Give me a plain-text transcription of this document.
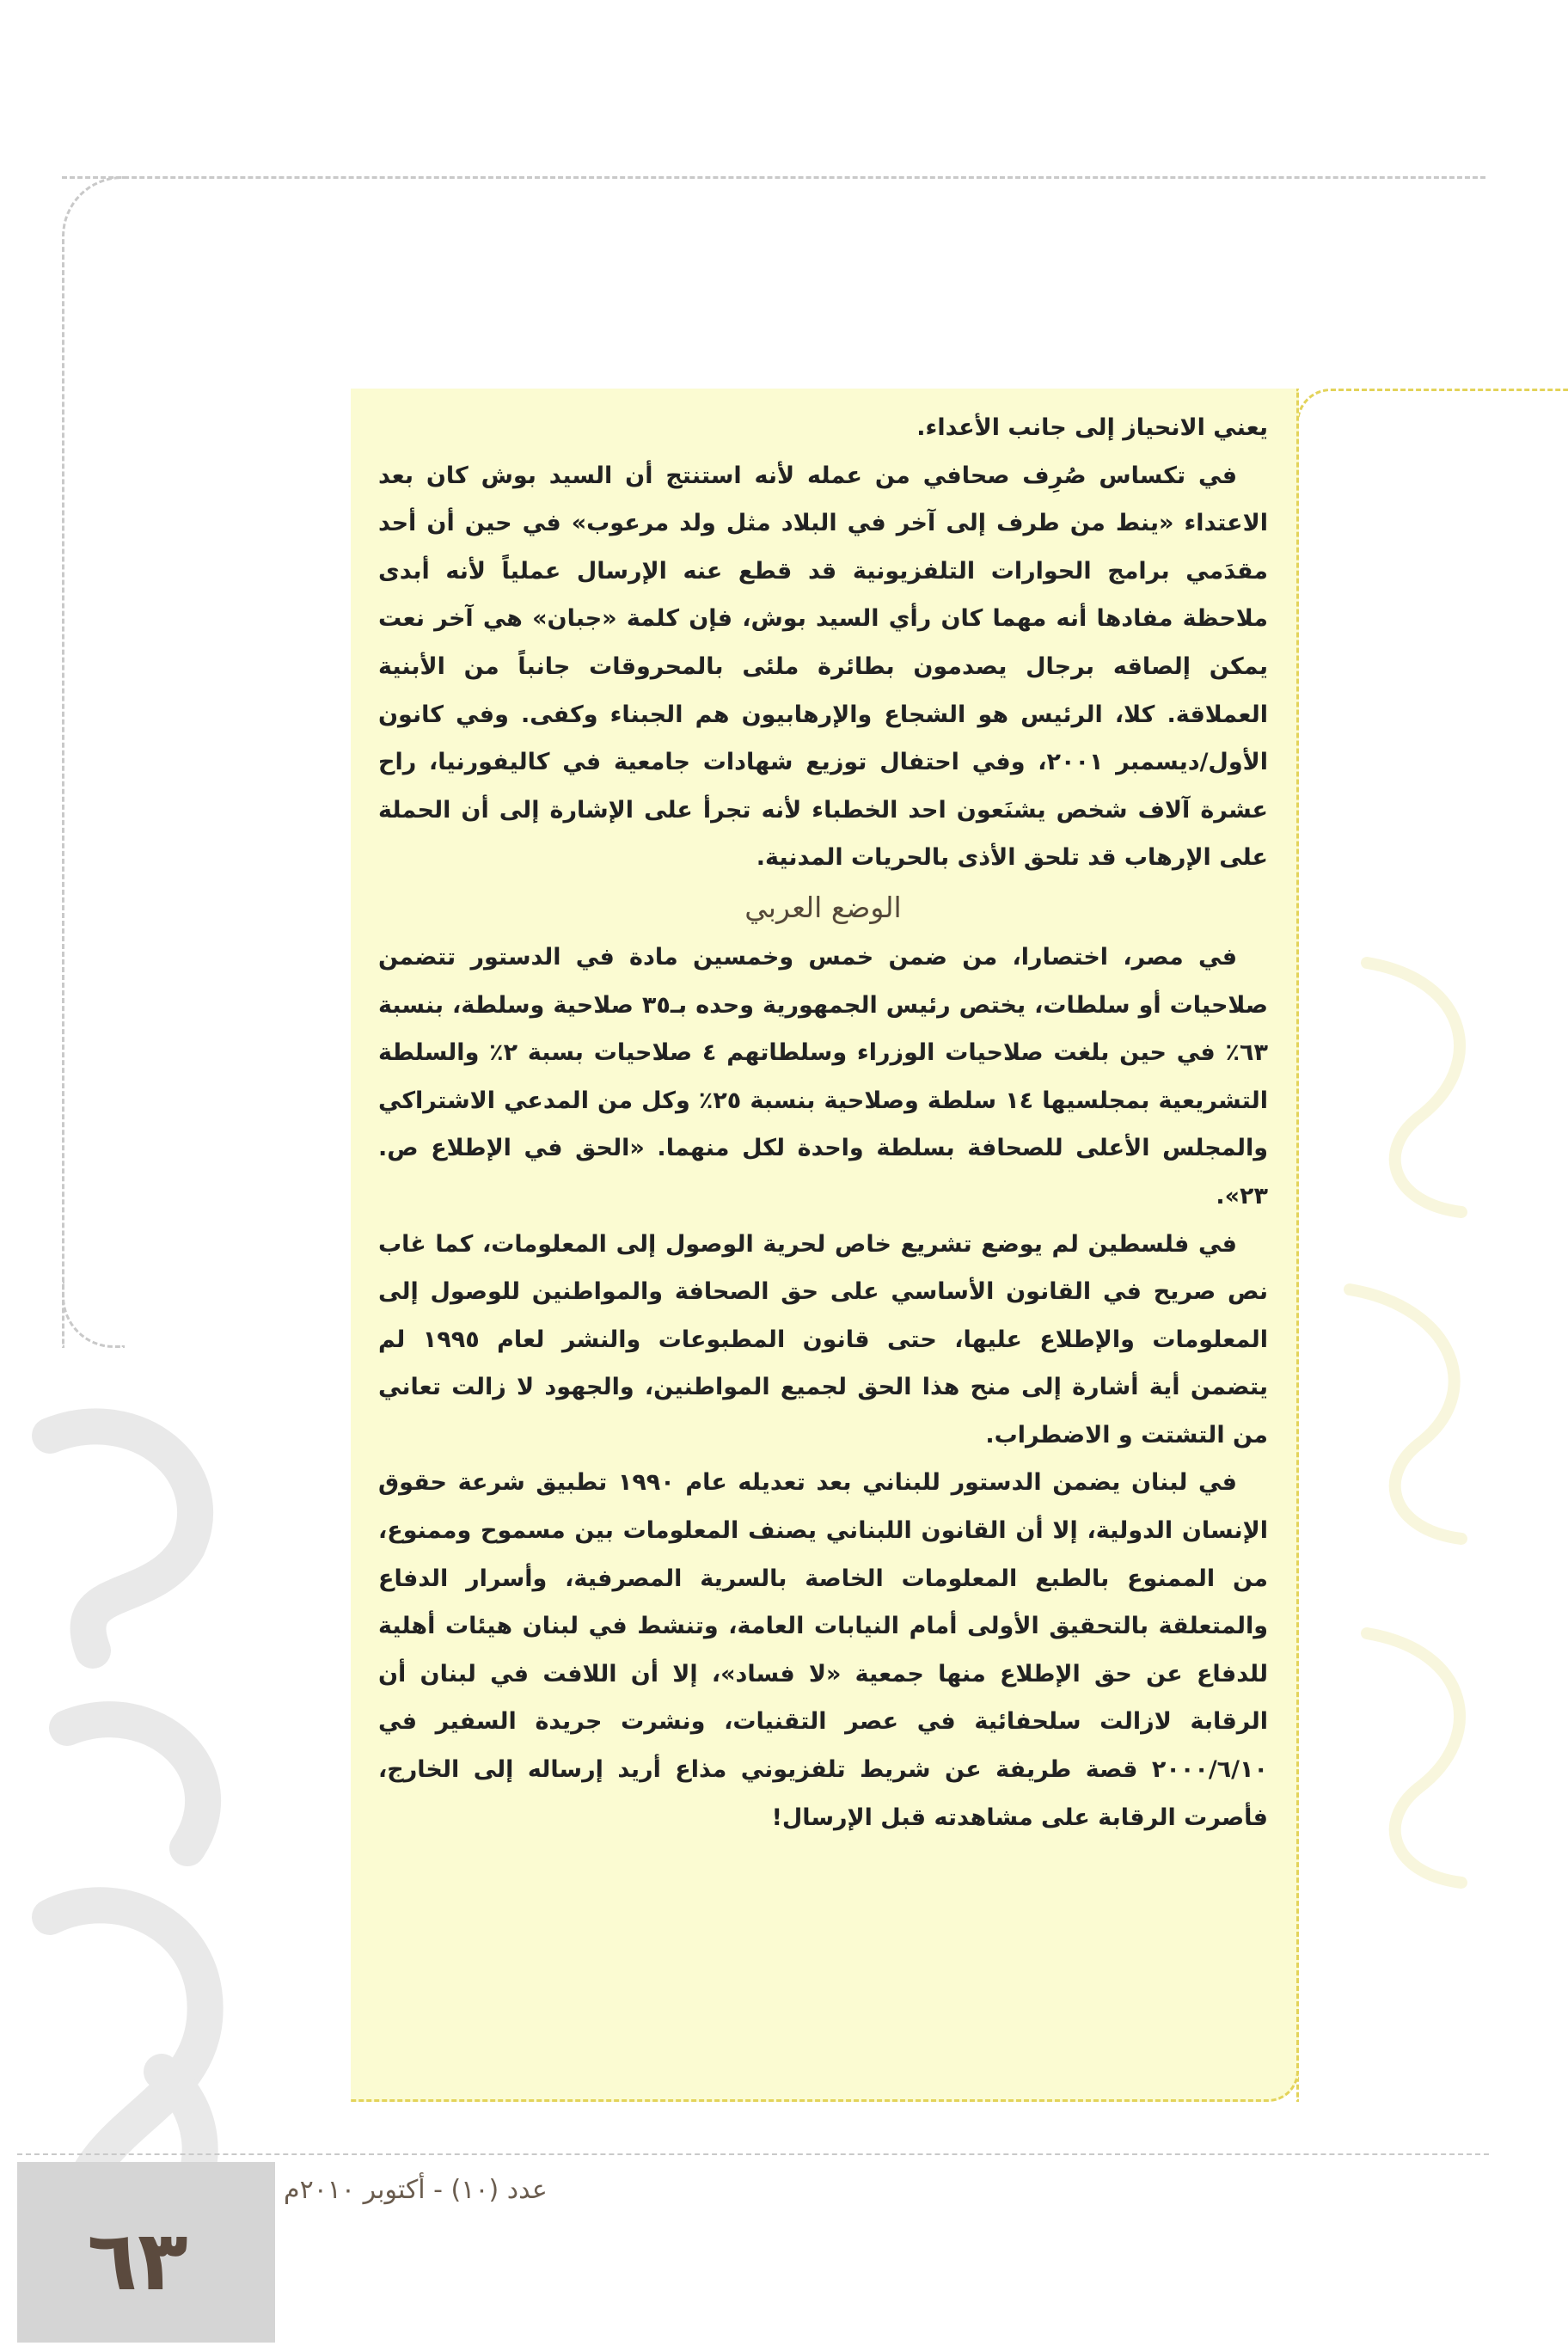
يعني الانحياز إلى جانب الأعداء.

في تكساس صُرِف صحافي من عمله لأنه استنتج أن السيد بوش كان بعد الاعتداء «ينط من طرف إلى آخر في البلاد مثل ولد مرعوب» في حين أن أحد مقدَمي برامج الحوارات التلفزيونية قد قطع عنه الإرسال عملياً لأنه أبدى ملاحظة مفادها أنه مهما كان رأي السيد بوش، فإن كلمة «جبان» هي آخر نعت يمكن إلصاقه برجال يصدمون بطائرة ملئى بالمحروقات جانباً من الأبنية العملاقة. كلا، الرئيس هو الشجاع والإرهابيون هم الجبناء وكفى. وفي كانون الأول/ديسمبر ٢٠٠١، وفي احتفال توزيع شهادات جامعية في كاليفورنيا، راح عشرة آلاف شخص يشنَعون احد الخطباء لأنه تجرأ على الإشارة إلى أن الحملة على الإرهاب قد تلحق الأذى بالحريات المدنية.

الوضع العربي

في مصر، اختصارا، من ضمن خمس وخمسين مادة في الدستور تتضمن صلاحيات أو سلطات، يختص رئيس الجمهورية وحده بـ٣٥ صلاحية وسلطة، بنسبة ٦٣٪ في حين بلغت صلاحيات الوزراء وسلطاتهم ٤ صلاحيات بسبة ٢٪ والسلطة التشريعية بمجلسيها ١٤ سلطة وصلاحية بنسبة ٢٥٪ وكل من المدعي الاشتراكي والمجلس الأعلى للصحافة بسلطة واحدة لكل منهما. «الحق في الإطلاع ص. ٢٣».

في فلسطين لم يوضع تشريع خاص لحرية الوصول إلى المعلومات، كما غاب نص صريح في القانون الأساسي على حق الصحافة والمواطنين للوصول إلى المعلومات والإطلاع عليها، حتى قانون المطبوعات والنشر لعام ١٩٩٥ لم يتضمن أية أشارة إلى منح هذا الحق لجميع المواطنين، والجهود لا زالت تعاني من التشتت و الاضطراب.

في لبنان يضمن الدستور للبناني بعد تعديله عام ١٩٩٠ تطبيق شرعة حقوق الإنسان الدولية، إلا أن القانون اللبناني يصنف المعلومات بين مسموح وممنوع، من الممنوع بالطبع المعلومات الخاصة بالسرية المصرفية، وأسرار الدفاع والمتعلقة بالتحقيق الأولى أمام النيابات العامة، وتنشط في لبنان هيئات أهلية للدفاع عن حق الإطلاع منها جمعية «لا فساد»، إلا أن اللافت في لبنان أن الرقابة لازالت سلحفائية في عصر التقنيات، ونشرت جريدة السفير في ٢٠٠٠/٦/١٠ قصة طريفة عن شريط تلفزيوني مذاع أريد إرساله إلى الخارج، فأصرت الرقابة على مشاهدته قبل الإرسال!

٦٣
عدد (١٠) - أكتوبر ٢٠١٠م
